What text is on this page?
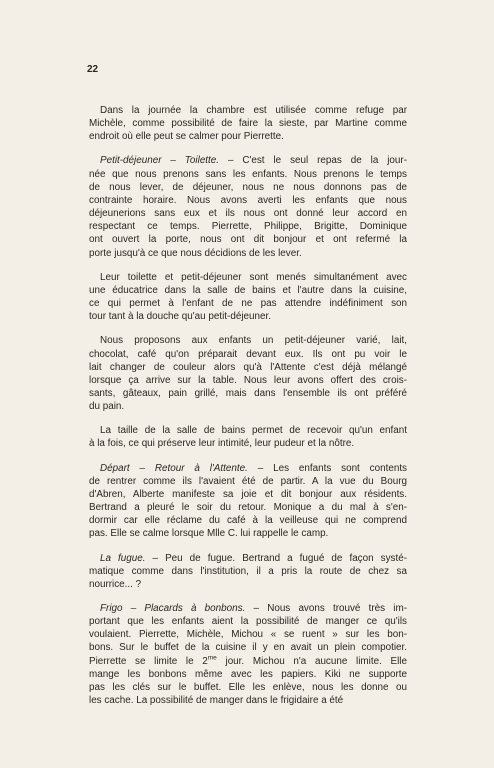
22
Dans la journée la chambre est utilisée comme refuge par
Michèle, comme possibilité de faire la sieste, par Martine comme
endroit où elle peut se calmer pour Pierrette.
Petit-déjeuner – Toilette. – C'est le seul repas de la jour-
née que nous prenons sans les enfants. Nous prenons le temps
de nous lever, de déjeuner, nous ne nous donnons pas de
contrainte horaire. Nous avons averti les enfants que nous
déjeunerions sans eux et ils nous ont donné leur accord en
respectant ce temps. Pierrette, Philippe, Brigitte, Dominique
ont ouvert la porte, nous ont dit bonjour et ont refermé la
porte jusqu'à ce que nous décidions de les lever.
Leur toilette et petit-déjeuner sont menés simultanément avec
une éducatrice dans la salle de bains et l'autre dans la cuisine,
ce qui permet à l'enfant de ne pas attendre indéfiniment son
tour tant à la douche qu'au petit-déjeuner.
Nous proposons aux enfants un petit-déjeuner varié, lait,
chocolat, café qu'on préparait devant eux. Ils ont pu voir le
lait changer de couleur alors qu'à l'Attente c'est déjà mélangé
lorsque ça arrive sur la table. Nous leur avons offert des crois-
sants, gâteaux, pain grillé, mais dans l'ensemble ils ont préféré
du pain.
La taille de la salle de bains permet de recevoir qu'un enfant
à la fois, ce qui préserve leur intimité, leur pudeur et la nôtre.
Départ – Retour à l'Attente. – Les enfants sont contents
de rentrer comme ils l'avaient été de partir. A la vue du Bourg
d'Abren, Alberte manifeste sa joie et dit bonjour aux résidents.
Bertrand a pleuré le soir du retour. Monique a du mal à s'en-
dormir car elle réclame du café à la veilleuse qui ne comprend
pas. Elle se calme lorsque Mlle C. lui rappelle le camp.
La fugue. – Peu de fugue. Bertrand a fugué de façon systé-
matique comme dans l'institution, il a pris la route de chez sa
nourrice... ?
Frigo – Placards à bonbons. – Nous avons trouvé très im-
portant que les enfants aient la possibilité de manger ce qu'ils
voulaient. Pierrette, Michèle, Michou « se ruent » sur les bon-
bons. Sur le buffet de la cuisine il y en avait un plein compotier.
Pierrette se limite le $2^{me}$ jour. Michou n'a aucune limite. Elle
mange les bonbons même avec les papiers. Kiki ne supporte
pas les clés sur le buffet. Elle les enlève, nous les donne ou
les cache. La possibilité de manger dans le frigidaire a été
